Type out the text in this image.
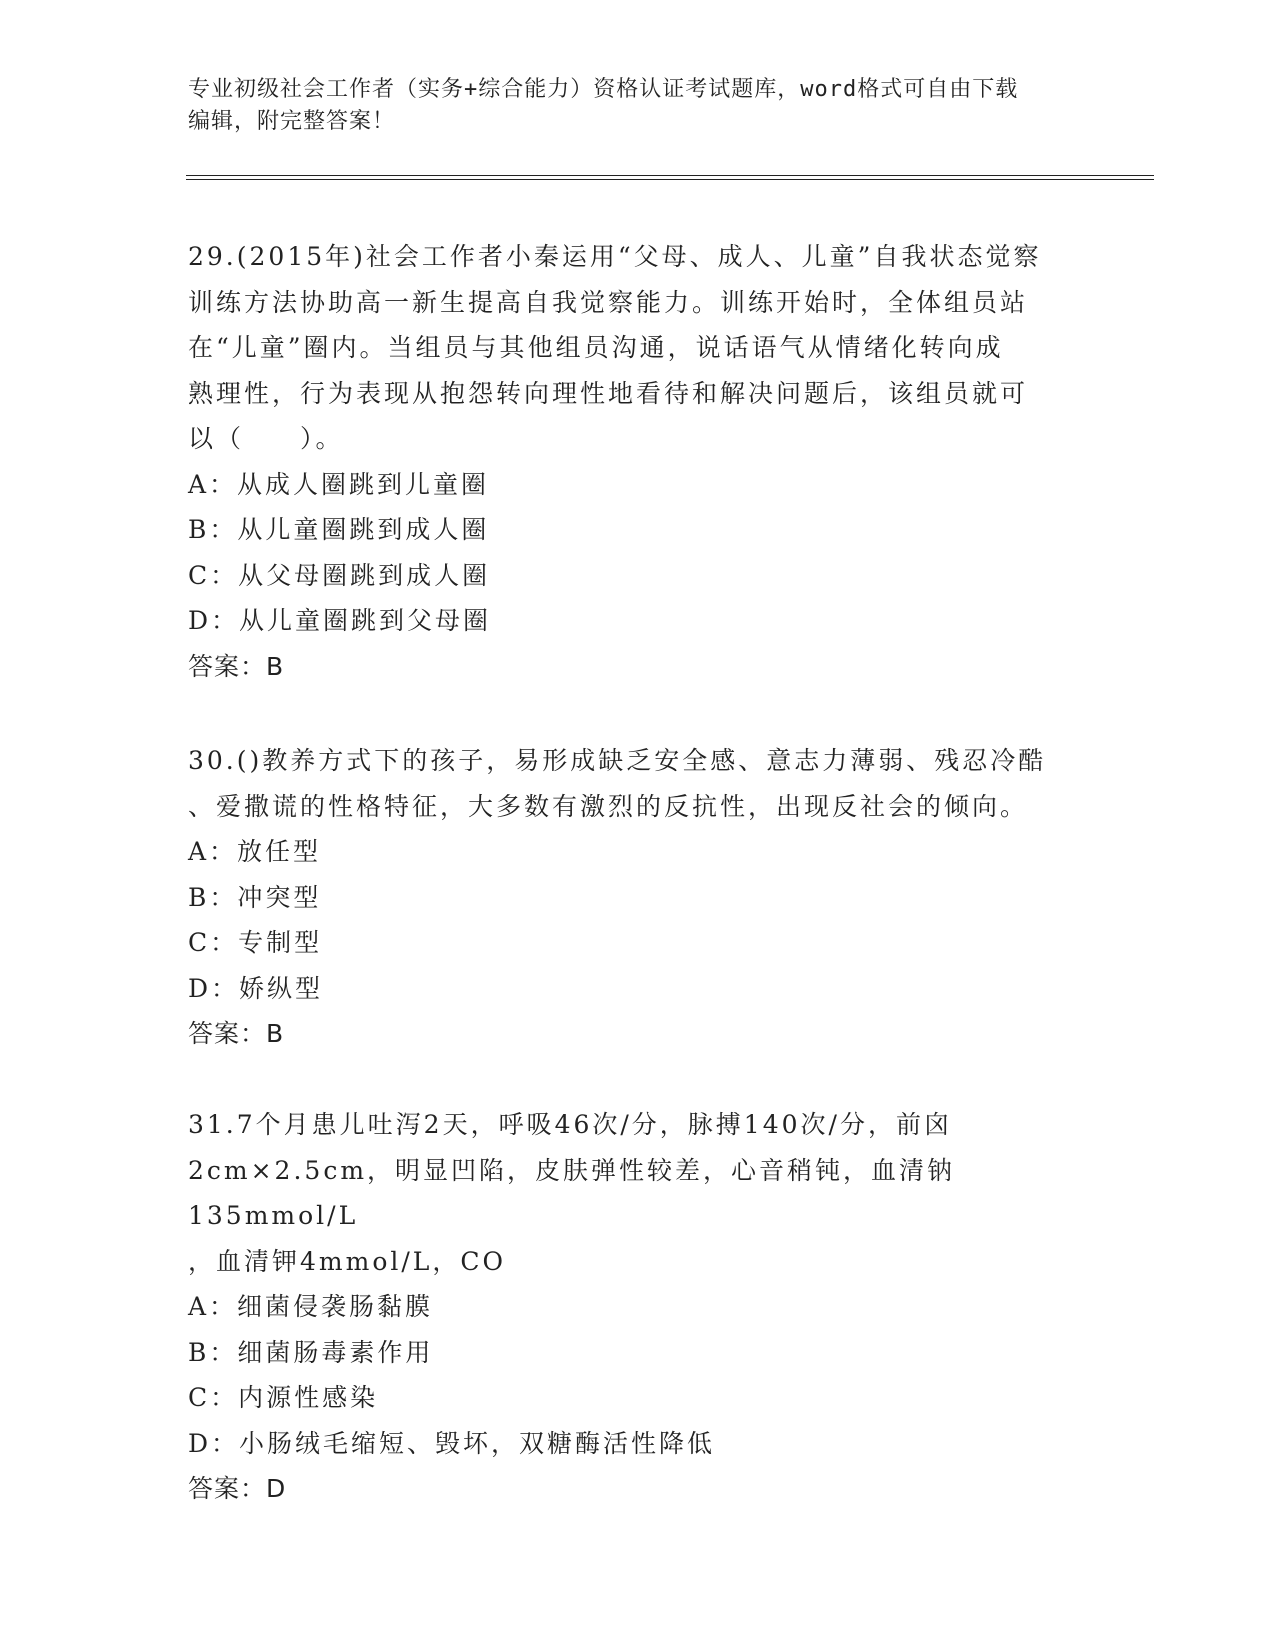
专业初级社会工作者（实务+综合能力）资格认证考试题库，word格式可自由下载
编辑，附完整答案！
29.(2015年)社会工作者小秦运用“父母、成人、儿童”自我状态觉察
训练方法协助高一新生提高自我觉察能力。训练开始时，全体组员站
在“儿童”圈内。当组员与其他组员沟通，说话语气从情绪化转向成
熟理性，行为表现从抱怨转向理性地看待和解决问题后，该组员就可
以（　　）。
A：从成人圈跳到儿童圈
B：从儿童圈跳到成人圈
C：从父母圈跳到成人圈
D：从儿童圈跳到父母圈
答案：B
30.()教养方式下的孩子，易形成缺乏安全感、意志力薄弱、残忍冷酷
、爱撒谎的性格特征，大多数有激烈的反抗性，出现反社会的倾向。
A：放任型
B：冲突型
C：专制型
D：娇纵型
答案：B
31.7个月患儿吐泻2天，呼吸46次/分，脉搏140次/分，前囟
2cm×2.5cm，明显凹陷，皮肤弹性较差，心音稍钝，血清钠135mmol/L
，血清钾4mmol/L，CO
A：细菌侵袭肠黏膜
B：细菌肠毒素作用
C：内源性感染
D：小肠绒毛缩短、毁坏，双糖酶活性降低
答案：D
